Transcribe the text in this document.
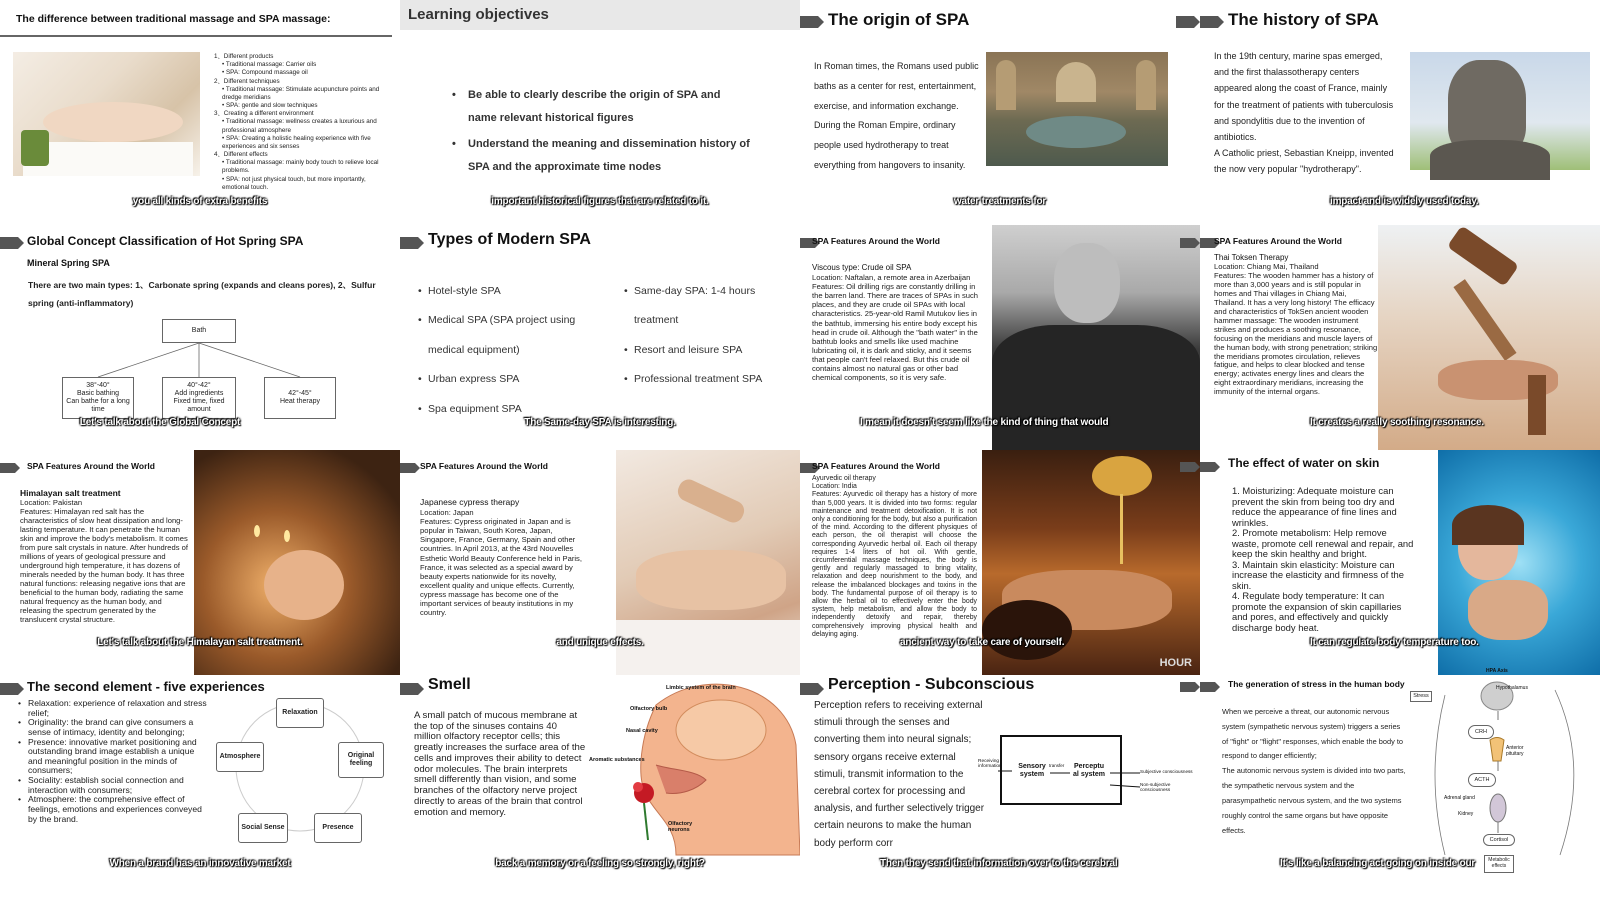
The difference between traditional massage and SPA massage:
1、Different products
• Traditional massage: Carrier oils
• SPA: Compound massage oil
2、Different techniques
• Traditional massage: Stimulate acupuncture points and dredge meridians
• SPA: gentle and slow techniques
3、Creating a different environment
• Traditional massage: wellness creates a luxurious and professional atmosphere
• SPA: Creating a holistic healing experience with five experiences and six senses
4、Different effects
• Traditional massage: mainly body touch to relieve local problems.
• SPA: not just physical touch, but more importantly, emotional touch.
you all kinds of extra benefits
Learning objectives
• Be able to clearly describe the origin of SPA and name relevant historical figures
• Understand the meaning and dissemination history of SPA and the approximate time nodes
important historical figures that are related to it.
The origin of SPA
In Roman times, the Romans used public baths as a center for rest, entertainment, exercise, and information exchange. During the Roman Empire, ordinary people used hydrotherapy to treat everything from hangovers to insanity.
water treatments for
The history of SPA
In the 19th century, marine spas emerged, and the first thalassotherapy centers appeared along the coast of France, mainly for the treatment of patients with tuberculosis and spondylitis due to the invention of antibiotics.
A Catholic priest, Sebastian Kneipp, invented the now very popular "hydrotherapy".
impact and is widely used today.
Global Concept Classification of Hot Spring SPA
Mineral Spring SPA
There are two main types: 1、Carbonate spring (expands and cleans pores), 2、Sulfur spring (anti-inflammatory)
Bath
38°-40°
Basic bathing
Can bathe for a long time
40°-42°
Add ingredients
Fixed time, fixed amount
42°-45°
Heat therapy
Let's talk about the Global Concept
Types of Modern SPA
• Hotel-style SPA
• Medical SPA (SPA project using medical equipment)
• Urban express SPA
• Spa equipment SPA
• Same-day SPA: 1-4 hours treatment
• Resort and leisure SPA
• Professional treatment SPA
The Same-day SPA is interesting.
SPA Features Around the World
Viscous type: Crude oil SPA
Location: Naftalan, a remote area in Azerbaijan
Features: Oil drilling rigs are constantly drilling in the barren land. There are traces of SPAs in such places, and they are crude oil SPAs with local characteristics. 25-year-old Ramil Mutukov lies in the bathtub, immersing his entire body except his head in crude oil. Although the "bath water" in the bathtub looks and smells like used machine lubricating oil, it is dark and sticky, and it seems that people can't feel relaxed. But this crude oil contains almost no natural gas or other bad chemical components, so it is very safe.
I mean it doesn't seem like the kind of thing that would
SPA Features Around the World
Thai Toksen Therapy
Location: Chiang Mai, Thailand
Features: The wooden hammer has a history of more than 3,000 years and is still popular in homes and Thai villages in Chiang Mai, Thailand. It has a very long history! The efficacy and characteristics of TokSen ancient wooden hammer massage: The wooden instrument strikes and produces a soothing resonance, focusing on the meridians and muscle layers of the human body, with strong penetration; striking the meridians promotes circulation, relieves fatigue, and helps to clear blocked and tense energy; activates energy lines and clears the eight extraordinary meridians, increasing the immunity of the internal organs.
It creates a really soothing resonance.
SPA Features Around the World
Himalayan salt treatment
Location: Pakistan
Features: Himalayan red salt has the characteristics of slow heat dissipation and long-lasting temperature. It can penetrate the human skin and improve the body's metabolism. It comes from pure salt crystals in nature. After hundreds of millions of years of geological pressure and underground high temperature, it has dozens of minerals needed by the human body. It has three natural functions: releasing negative ions that are beneficial to the human body, radiating the same natural frequency as the human body, and releasing the spectrum generated by the translucent crystal structure.
Let's talk about the Himalayan salt treatment.
SPA Features Around the World
Japanese cypress therapy
Location: Japan
Features: Cypress originated in Japan and is popular in Taiwan, South Korea, Japan, Singapore, France, Germany, Spain and other countries. In April 2013, at the 43rd Nouvelles Esthetic World Beauty Conference held in Paris, France, it was selected as a special award by beauty experts nationwide for its novelty, excellent quality and unique effects. Currently, cypress massage has become one of the important services of beauty institutions in my country.
and unique effects.
SPA Features Around the World
Ayurvedic oil therapy
Location: India
Features: Ayurvedic oil therapy has a history of more than 5,000 years. It is divided into two forms: regular maintenance and treatment detoxification. It is not only a conditioning for the body, but also a purification of the mind. According to the different physiques of each person, the oil therapist will choose the corresponding Ayurvedic herbal oil. Each oil therapy requires 1-4 liters of hot oil. With gentle, circumferential massage techniques, the body is gently and regularly massaged to bring vitality, relaxation and deep nourishment to the body, and release the imbalanced blockages and toxins in the body. The fundamental purpose of oil therapy is to allow the herbal oil to effectively enter the body system, help metabolism, and allow the body to independently detoxify and repair, thereby comprehensively improving physical health and delaying aging.
HOUR
ancient way to take care of yourself.
The effect of water on skin
1. Moisturizing: Adequate moisture can prevent the skin from being too dry and reduce the appearance of fine lines and wrinkles.
2. Promote metabolism: Help remove waste, promote cell renewal and repair, and keep the skin healthy and bright.
3. Maintain skin elasticity: Moisture can increase the elasticity and firmness of the skin.
4. Regulate body temperature: It can promote the expansion of skin capillaries and pores, and effectively and quickly discharge body heat.
It can regulate body temperature too.
The second element - five experiences
• Relaxation: experience of relaxation and stress relief;
• Originality: the brand can give consumers a sense of intimacy, identity and belonging;
• Presence: innovative market positioning and outstanding brand image establish a unique and meaningful position in the minds of consumers;
• Sociality: establish social connection and interaction with consumers;
• Atmosphere: the comprehensive effect of feelings, emotions and experiences conveyed by the brand.
Relaxation
Original feeling
Presence
Social Sense
Atmosphere
When a brand has an innovative market
Smell
A small patch of mucous membrane at the top of the sinuses contains 40 million olfactory receptor cells; this greatly increases the surface area of the cells and improves their ability to detect odor molecules. The brain interprets smell differently than vision, and some branches of the olfactory nerve project directly to areas of the brain that control emotion and memory.
Limbic system of the brain
Olfactory bulb
Nasal cavity
Aromatic substances
Olfactory neurons
back a memory or a feeling so strongly, right?
Perception - Subconscious
Perception refers to receiving external stimuli through the senses and converting them into neural signals; sensory organs receive external stimuli, transmit information to the cerebral cortex for processing and analysis, and further selectively trigger certain neurons to make the human body perform corr
Receiving information	Sensory system
transfer	Perceptu al system	Subjective consciousness
Non-subjective consciousness
Then they send that information over to the cerebral
The generation of stress in the human body
When we perceive a threat, our autonomic nervous system (sympathetic nervous system) triggers a series of "fight" or "flight" responses, which enable the body to respond to danger efficiently;
The autonomic nervous system is divided into two parts, the sympathetic nervous system and the parasympathetic nervous system, and the two systems roughly control the same organs but have opposite effects.
HPA Axis
Stress
Hypothalamus
CRH
Anterior pituitary
ACTH
Adrenal gland
Kidney
Cortisol
Metabolic effects
It's like a balancing act going on inside our
